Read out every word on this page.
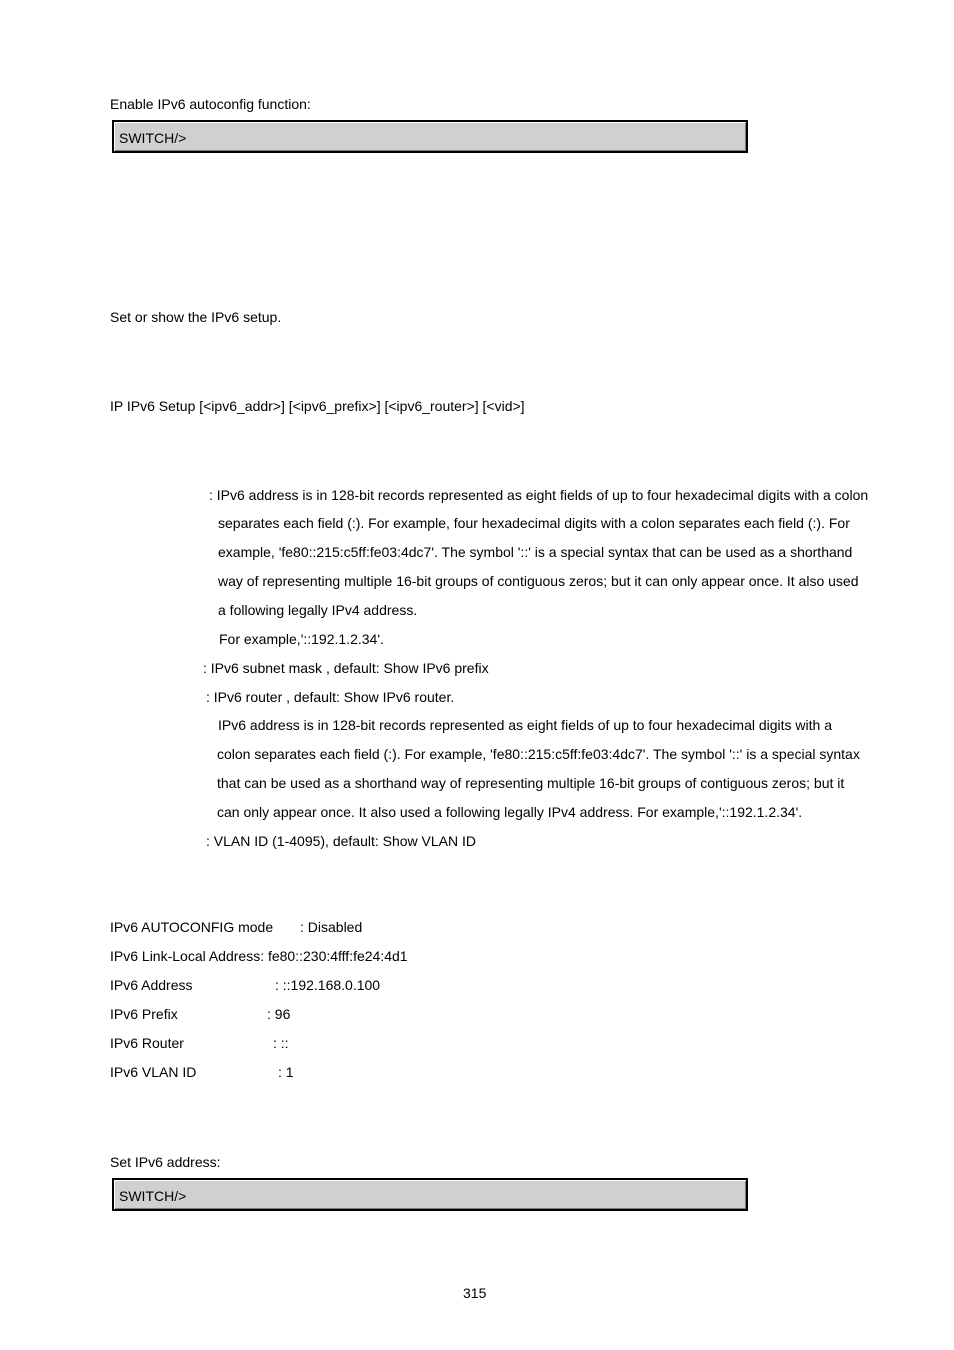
Enable IPv6 autoconfig function:
SWITCH/>
Set or show the IPv6 setup.
IP IPv6 Setup [<ipv6_addr>] [<ipv6_prefix>] [<ipv6_router>] [<vid>]
: IPv6 address is in 128-bit records represented as eight fields of up to four hexadecimal digits with a colon
separates each field (:). For example, four hexadecimal digits with a colon separates each field (:). For
example, 'fe80::215:c5ff:fe03:4dc7'. The symbol '::' is a special syntax that can be used as a shorthand
way of representing multiple 16-bit groups of contiguous zeros; but it can only appear once. It also used
a following legally IPv4 address.
For example,'::192.1.2.34'.
: IPv6 subnet mask , default: Show IPv6 prefix
: IPv6 router , default: Show IPv6 router.
IPv6 address is in 128-bit records represented as eight fields of up to four hexadecimal digits with a
colon separates each field (:). For example, 'fe80::215:c5ff:fe03:4dc7'. The symbol '::' is a special syntax
that can be used as a shorthand way of representing multiple 16-bit groups of contiguous zeros; but it
can only appear once. It also used a following legally IPv4 address. For example,'::192.1.2.34'.
: VLAN ID (1-4095), default: Show VLAN ID
IPv6 AUTOCONFIG mode : Disabled
IPv6 Link-Local Address: fe80::230:4fff:fe24:4d1
IPv6 Address	: ::192.168.0.100
IPv6 Prefix	: 96
IPv6 Router	: ::
IPv6 VLAN ID	: 1
Set IPv6 address:
SWITCH/>
315
